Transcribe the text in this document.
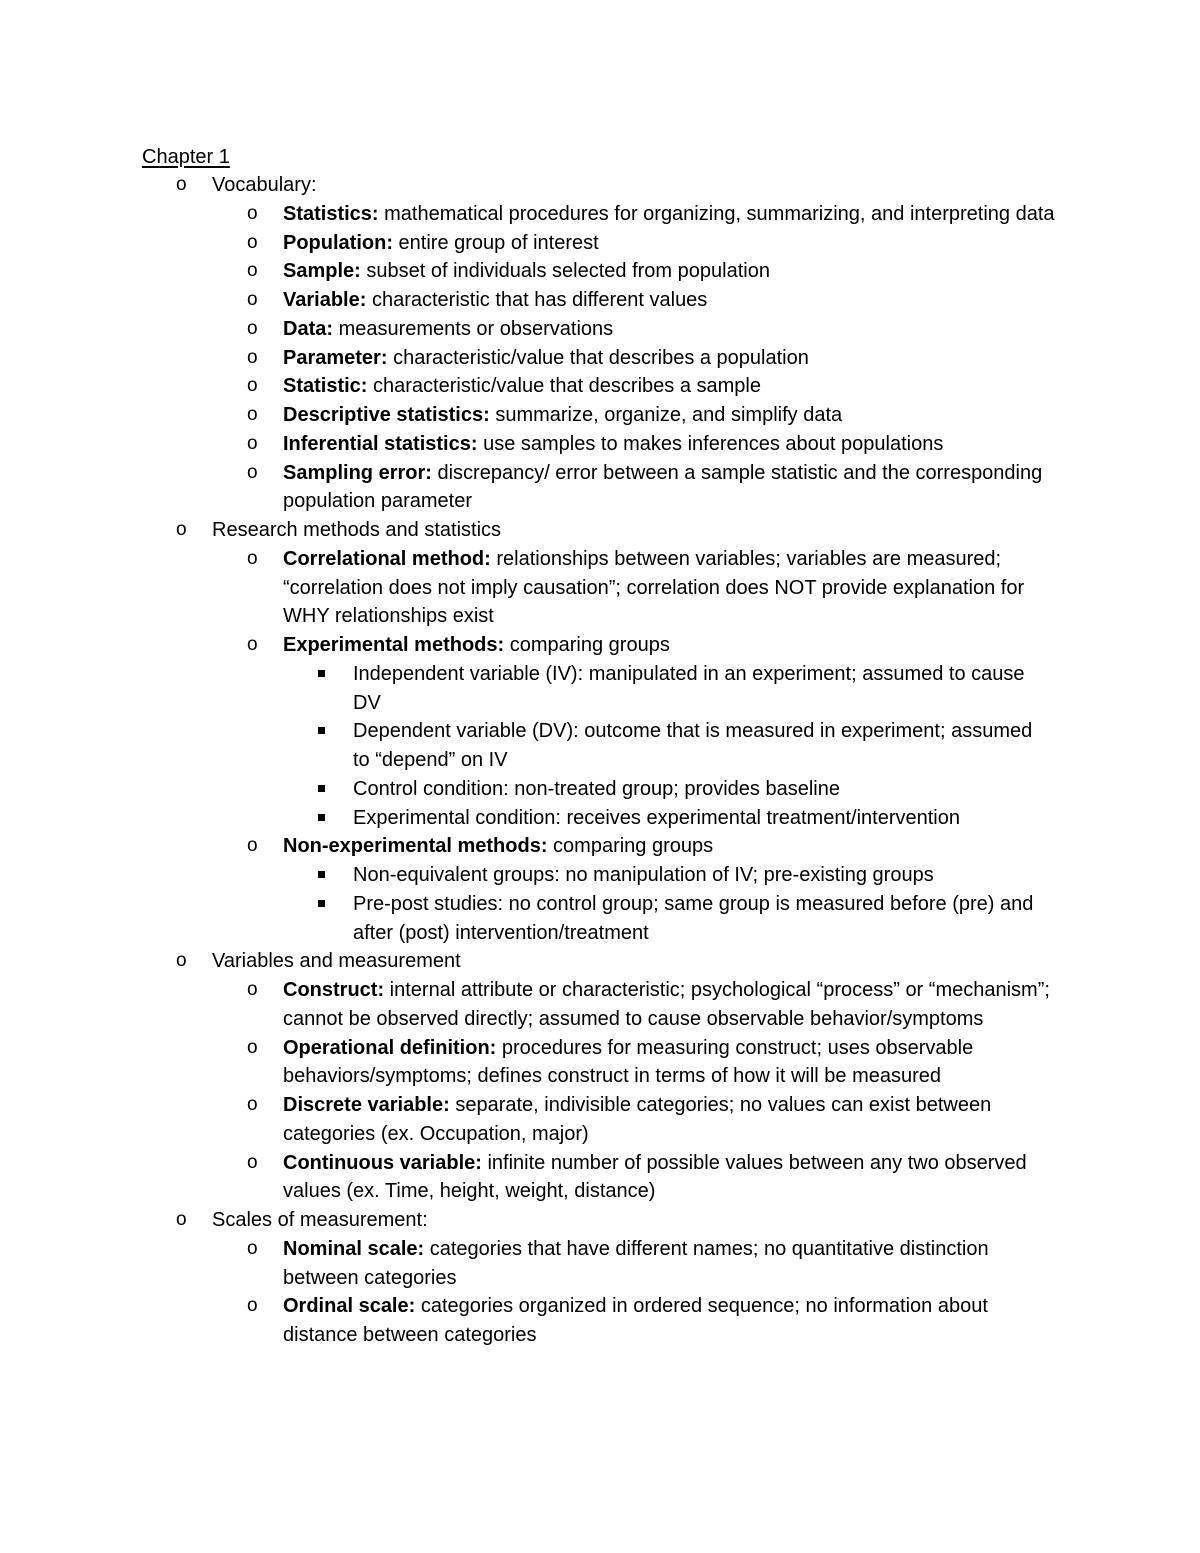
Chapter 1
o Vocabulary:
o Statistics: mathematical procedures for organizing, summarizing, and interpreting data
o Population: entire group of interest
o Sample: subset of individuals selected from population
o Variable: characteristic that has different values
o Data: measurements or observations
o Parameter: characteristic/value that describes a population
o Statistic: characteristic/value that describes a sample
o Descriptive statistics: summarize, organize, and simplify data
o Inferential statistics: use samples to makes inferences about populations
o Sampling error: discrepancy/ error between a sample statistic and the corresponding population parameter
o Research methods and statistics
o Correlational method: relationships between variables; variables are measured; “correlation does not imply causation”; correlation does NOT provide explanation for WHY relationships exist
o Experimental methods: comparing groups
Independent variable (IV): manipulated in an experiment; assumed to cause DV
Dependent variable (DV): outcome that is measured in experiment; assumed to “depend” on IV
Control condition: non-treated group; provides baseline
Experimental condition: receives experimental treatment/intervention
o Non-experimental methods: comparing groups
Non-equivalent groups: no manipulation of IV; pre-existing groups
Pre-post studies: no control group; same group is measured before (pre) and after (post) intervention/treatment
o Variables and measurement
o Construct: internal attribute or characteristic; psychological “process” or “mechanism”; cannot be observed directly; assumed to cause observable behavior/symptoms
o Operational definition: procedures for measuring construct; uses observable behaviors/symptoms; defines construct in terms of how it will be measured
o Discrete variable: separate, indivisible categories; no values can exist between categories (ex. Occupation, major)
o Continuous variable: infinite number of possible values between any two observed values (ex. Time, height, weight, distance)
o Scales of measurement:
o Nominal scale: categories that have different names; no quantitative distinction between categories
o Ordinal scale: categories organized in ordered sequence; no information about distance between categories
